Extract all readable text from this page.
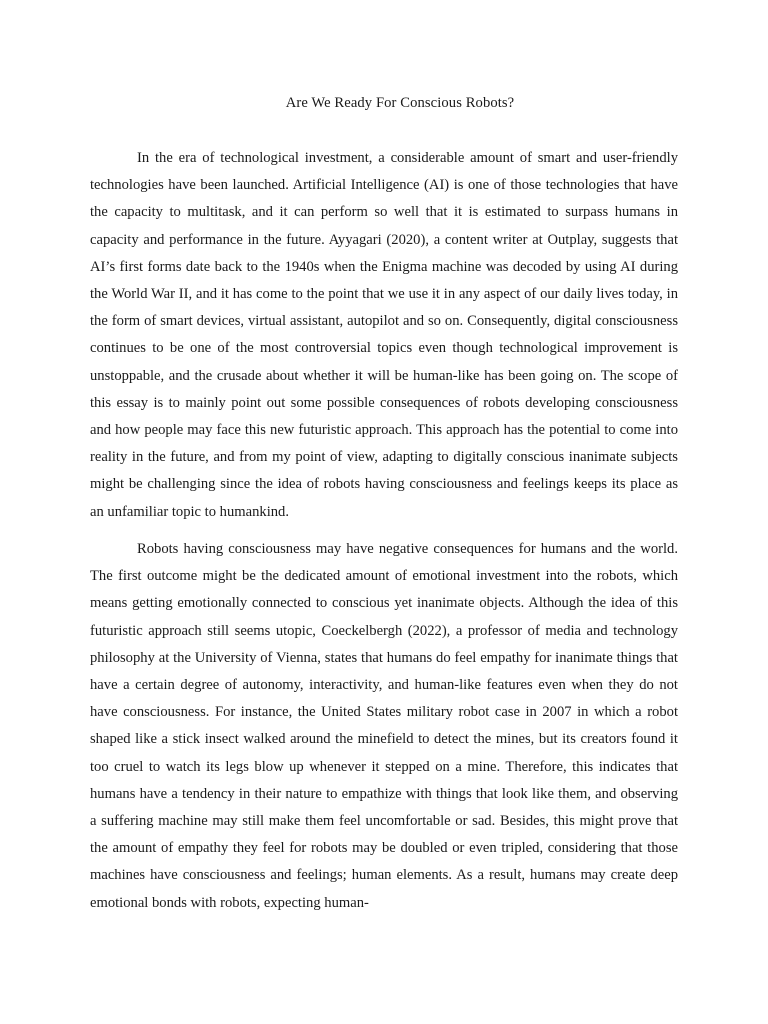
Are We Ready For Conscious Robots?

In the era of technological investment, a considerable amount of smart and user-friendly technologies have been launched. Artificial Intelligence (AI) is one of those technologies that have the capacity to multitask, and it can perform so well that it is estimated to surpass humans in capacity and performance in the future. Ayyagari (2020), a content writer at Outplay, suggests that AI’s first forms date back to the 1940s when the Enigma machine was decoded by using AI during the World War II, and it has come to the point that we use it in any aspect of our daily lives today, in the form of smart devices, virtual assistant, autopilot and so on. Consequently, digital consciousness continues to be one of the most controversial topics even though technological improvement is unstoppable, and the crusade about whether it will be human-like has been going on. The scope of this essay is to mainly point out some possible consequences of robots developing consciousness and how people may face this new futuristic approach. This approach has the potential to come into reality in the future, and from my point of view, adapting to digitally conscious inanimate subjects might be challenging since the idea of robots having consciousness and feelings keeps its place as an unfamiliar topic to humankind.

Robots having consciousness may have negative consequences for humans and the world. The first outcome might be the dedicated amount of emotional investment into the robots, which means getting emotionally connected to conscious yet inanimate objects. Although the idea of this futuristic approach still seems utopic, Coeckelbergh (2022), a professor of media and technology philosophy at the University of Vienna, states that humans do feel empathy for inanimate things that have a certain degree of autonomy, interactivity, and human-like features even when they do not have consciousness. For instance, the United States military robot case in 2007 in which a robot shaped like a stick insect walked around the minefield to detect the mines, but its creators found it too cruel to watch its legs blow up whenever it stepped on a mine. Therefore, this indicates that humans have a tendency in their nature to empathize with things that look like them, and observing a suffering machine may still make them feel uncomfortable or sad. Besides, this might prove that the amount of empathy they feel for robots may be doubled or even tripled, considering that those machines have consciousness and feelings; human elements. As a result, humans may create deep emotional bonds with robots, expecting human-
